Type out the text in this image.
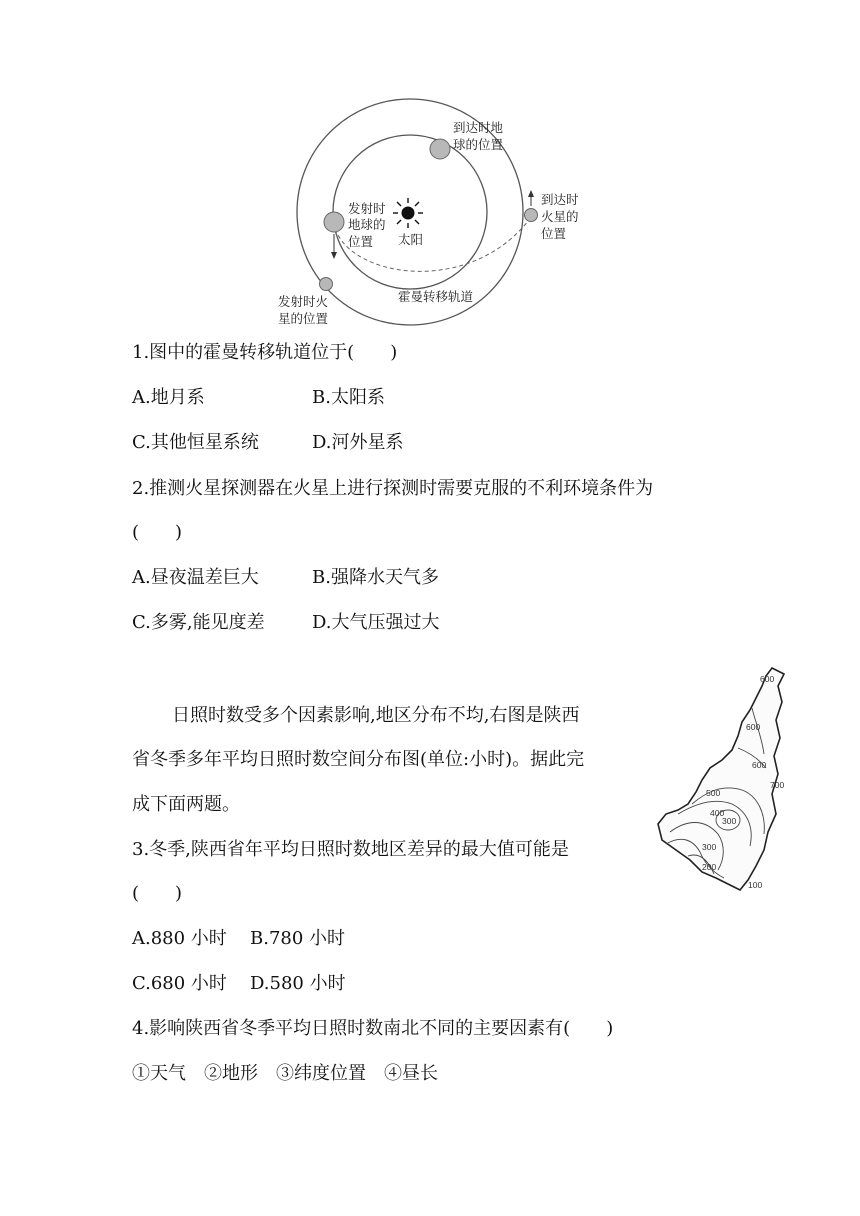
太阳
到达时地
球的位置
到达时
火星的
位置
发射时
地球的
位置
发射时火
星的位置
霍曼转移轨道
1.图中的霍曼转移轨道位于(　　)
A.地月系	B.太阳系
C.其他恒星系统	D.河外星系
2.推测火星探测器在火星上进行探测时需要克服的不利环境条件为
(　　)
A.昼夜温差巨大	B.强降水天气多
C.多雾,能见度差	D.大气压强过大
日照时数受多个因素影响,地区分布不均,右图是陕西
省冬季多年平均日照时数空间分布图(单位:小时)。据此完
成下面两题。
600
600
600
700
500
400
300
300
200
100
3.冬季,陕西省年平均日照时数地区差异的最大值可能是
(　　)
A.880 小时 B.780 小时
C.680 小时 D.580 小时
4.影响陕西省冬季平均日照时数南北不同的主要因素有(　　)
①天气　②地形　③纬度位置　④昼长
